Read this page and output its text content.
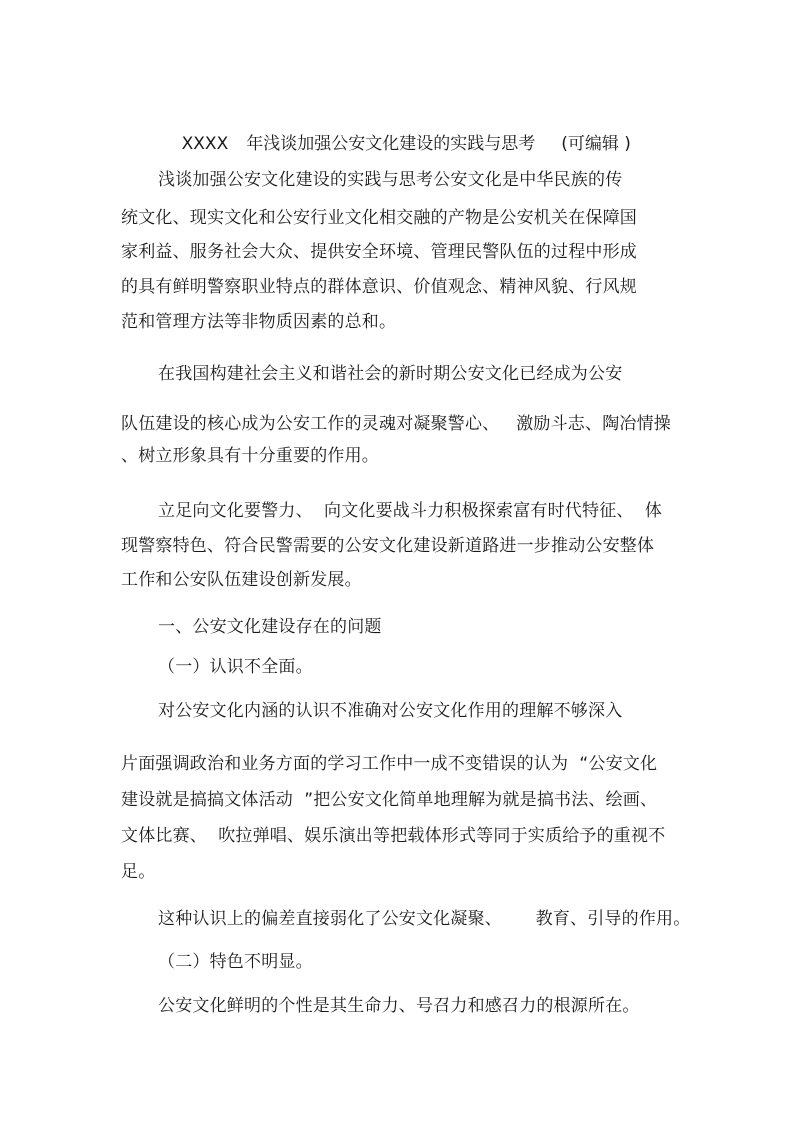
XXXX 年浅谈加强公安文化建设的实践与思考 (可编辑 )

浅谈加强公安文化建设的实践与思考公安文化是中华民族的传
统文化、现实文化和公安行业文化相交融的产物是公安机关在保障国
家利益、服务社会大众、提供安全环境、管理民警队伍的过程中形成
的具有鲜明警察职业特点的群体意识、价值观念、精神风貌、行风规
范和管理方法等非物质因素的总和。
在我国构建社会主义和谐社会的新时期公安文化已经成为公安
队伍建设的核心成为公安工作的灵魂对凝聚警心、   激励斗志、陶冶情操
、树立形象具有十分重要的作用。
立足向文化要警力、  向文化要战斗力积极探索富有时代特征、  体
现警察特色、符合民警需要的公安文化建设新道路进一步推动公安整体
工作和公安队伍建设创新发展。
一、公安文化建设存在的问题
（一）认识不全面。
对公安文化内涵的认识不准确对公安文化作用的理解不够深入
片面强调政治和业务方面的学习工作中一成不变错误的认为  “公安文化
建设就是搞搞文体活动  ”把公安文化简单地理解为就是搞书法、绘画、
文体比赛、  吹拉弹唱、娱乐演出等把载体形式等同于实质给予的重视不
足。
这种认识上的偏差直接弱化了公安文化凝聚、      教育、引导的作用。
（二）特色不明显。
公安文化鲜明的个性是其生命力、号召力和感召力的根源所在。
